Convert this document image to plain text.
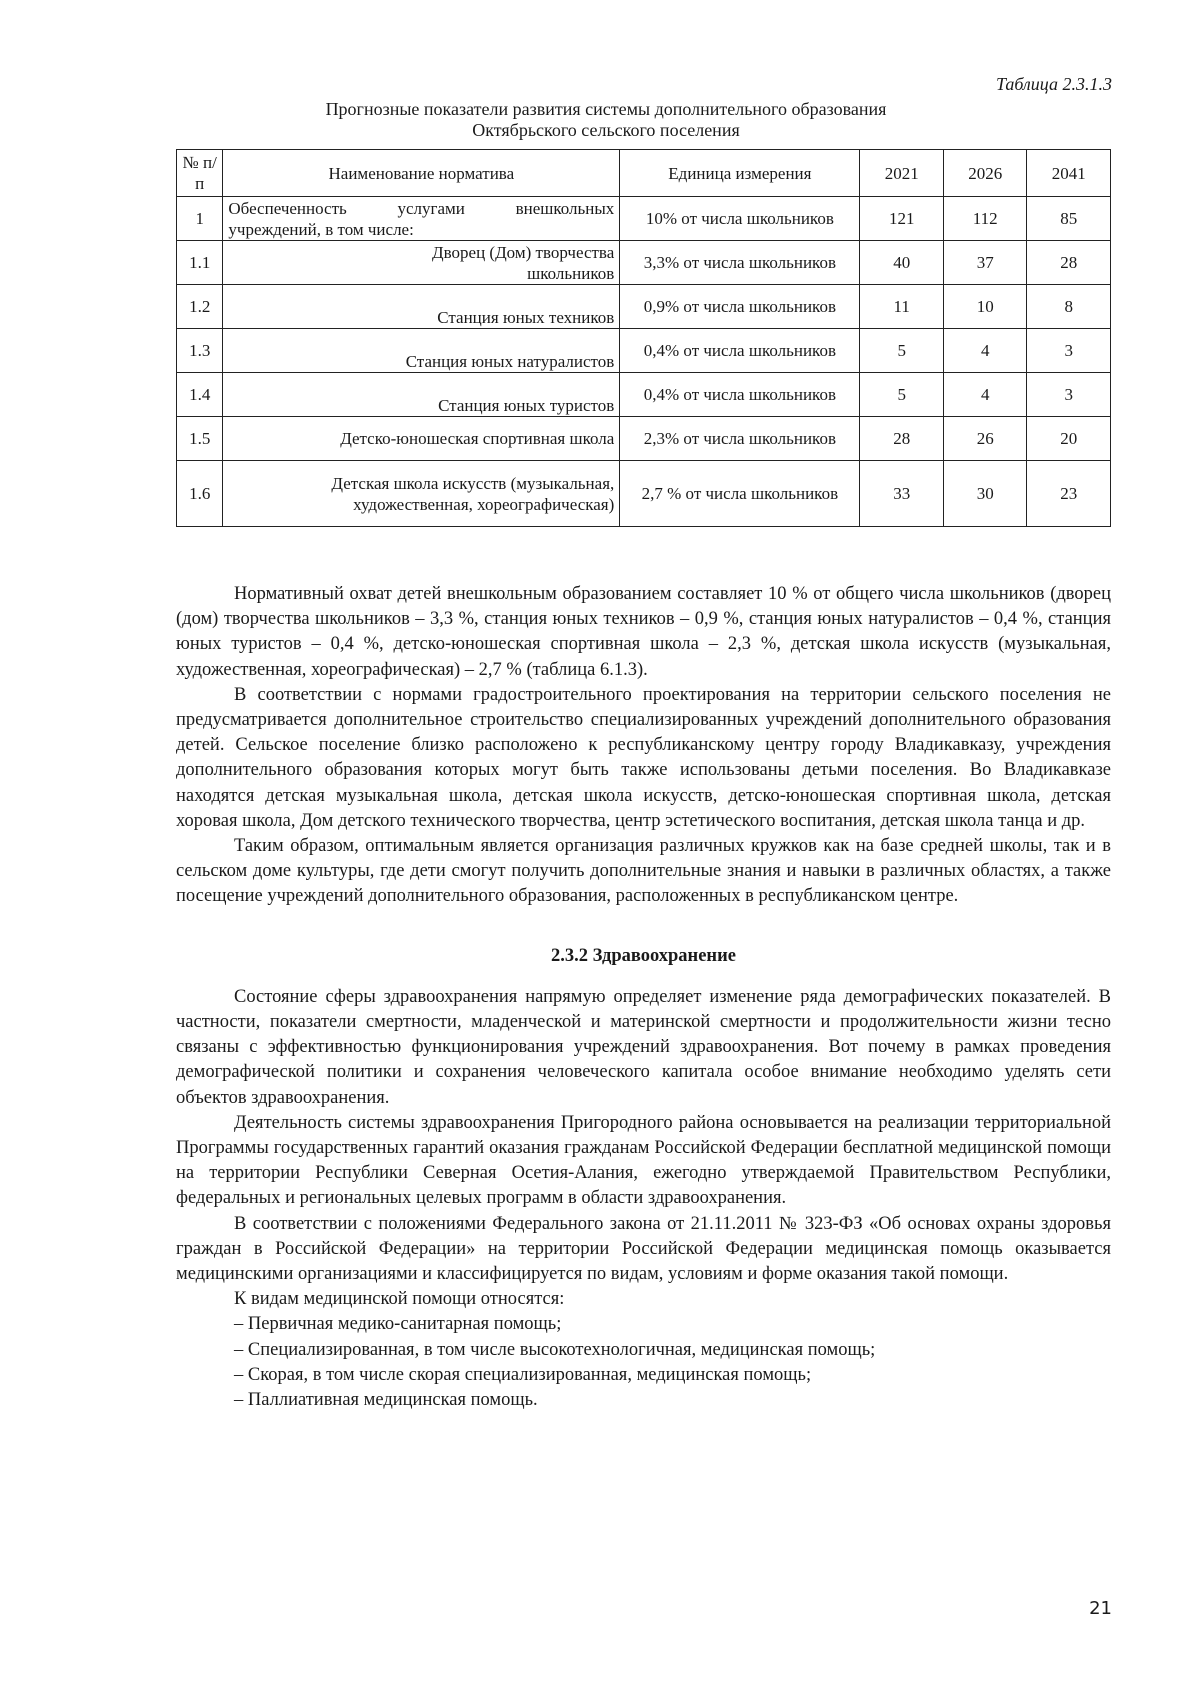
Таблица 2.3.1.3
Прогнозные показатели развития системы дополнительного образования
Октябрьского сельского поселения
№ п/п	Наименование норматива	Единица измерения	2021	2026	2041
1	Обеспеченность услугами внешкольных учреждений, в том числе:	10% от числа школьников	121	112	85
1.1	Дворец (Дом) творчества школьников	3,3% от числа школьников	40	37	28
1.2	Станция юных техников	0,9% от числа школьников	11	10	8
1.3	Станция юных натуралистов	0,4% от числа школьников	5	4	3
1.4	Станция юных туристов	0,4% от числа школьников	5	4	3
1.5	Детско-юношеская спортивная школа	2,3% от числа школьников	28	26	20
1.6	Детская школа искусств (музыкальная, художественная, хореографическая)	2,7 % от числа школьников	33	30	23

Нормативный охват детей внешкольным образованием составляет 10 % от общего числа школьников (дворец (дом) творчества школьников – 3,3 %, станция юных техников – 0,9 %, станция юных натуралистов – 0,4 %, станция юных туристов – 0,4 %, детско-юношеская спортивная школа – 2,3 %, детская школа искусств (музыкальная, художественная, хореографическая) – 2,7 % (таблица 6.1.3).

В соответствии с нормами градостроительного проектирования на территории сельского поселения не предусматривается дополнительное строительство специализированных учреждений дополнительного образования детей. Сельское поселение близко расположено к республиканскому центру городу Владикавказу, учреждения дополнительного образования которых могут быть также использованы детьми поселения. Во Владикавказе находятся детская музыкальная школа, детская школа искусств, детско-юношеская спортивная школа, детская хоровая школа, Дом детского технического творчества, центр эстетического воспитания, детская школа танца и др.

Таким образом, оптимальным является организация различных кружков как на базе средней школы, так и в сельском доме культуры, где дети смогут получить дополнительные знания и навыки в различных областях, а также посещение учреждений дополнительного образования, расположенных в республиканском центре.

2.3.2 Здравоохранение

Состояние сферы здравоохранения напрямую определяет изменение ряда демографических показателей. В частности, показатели смертности, младенческой и материнской смертности и продолжительности жизни тесно связаны с эффективностью функционирования учреждений здравоохранения. Вот почему в рамках проведения демографической политики и сохранения человеческого капитала особое внимание необходимо уделять сети объектов здравоохранения.

Деятельность системы здравоохранения Пригородного района основывается на реализации территориальной Программы государственных гарантий оказания гражданам Российской Федерации бесплатной медицинской помощи на территории Республики Северная Осетия-Алания, ежегодно утверждаемой Правительством Республики, федеральных и региональных целевых программ в области здравоохранения.

В соответствии с положениями Федерального закона от 21.11.2011 № 323-ФЗ «Об основах охраны здоровья граждан в Российской Федерации» на территории Российской Федерации медицинская помощь оказывается медицинскими организациями и классифицируется по видам, условиям и форме оказания такой помощи.

К видам медицинской помощи относятся:

– Первичная медико-санитарная помощь;

– Специализированная, в том числе высокотехнологичная, медицинская помощь;

– Скорая, в том числе скорая специализированная, медицинская помощь;

– Паллиативная медицинская помощь.

21
